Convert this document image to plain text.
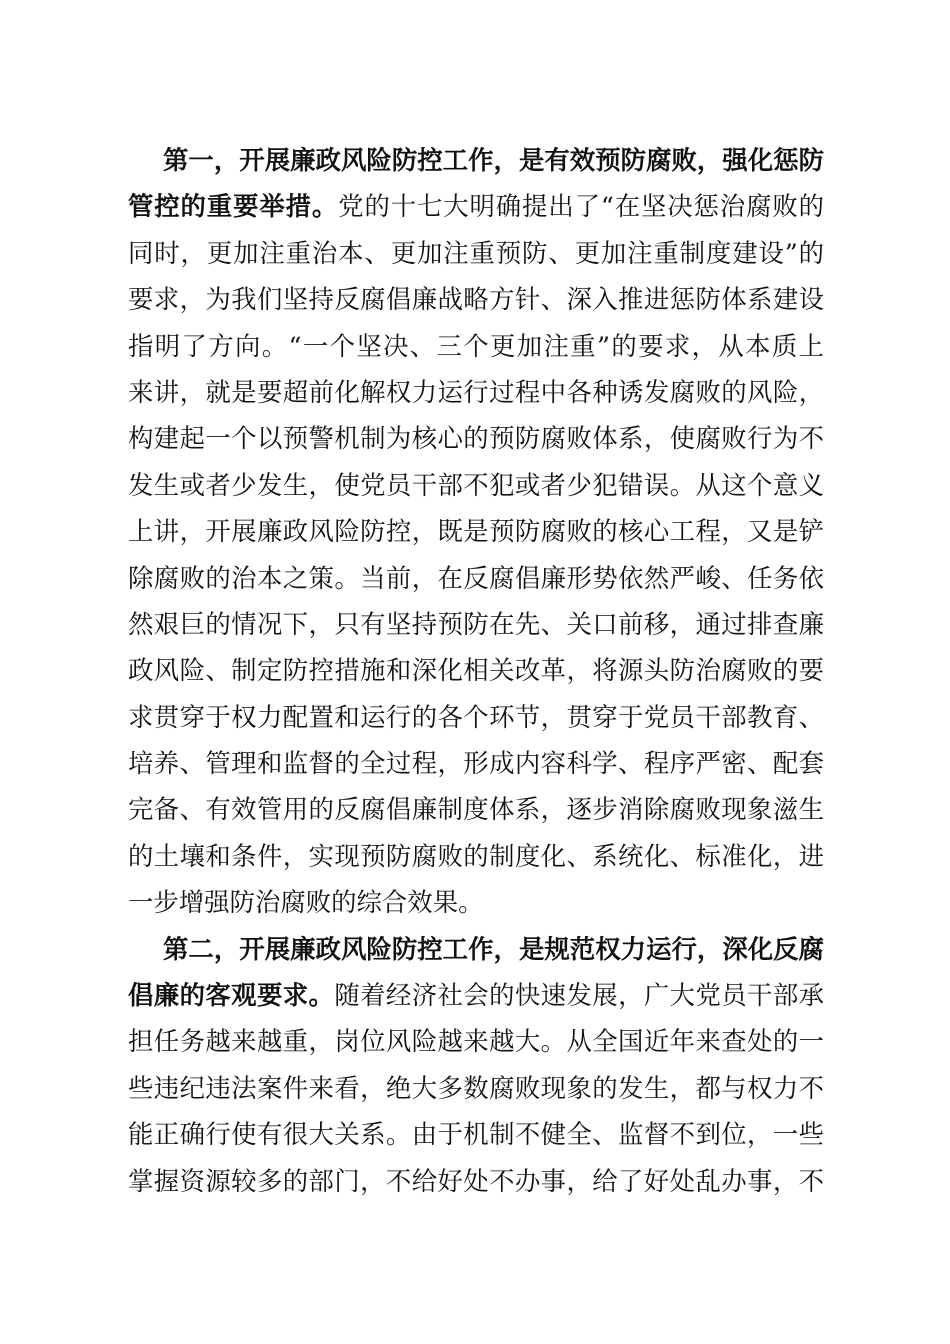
第一，开展廉政风险防控工作，是有效预防腐败，强化惩防
管控的重要举措。党的十七大明确提出了“在坚决惩治腐败的
同时，更加注重治本、更加注重预防、更加注重制度建设”的
要求，为我们坚持反腐倡廉战略方针、深入推进惩防体系建设
指明了方向。“一个坚决、三个更加注重”的要求，从本质上
来讲，就是要超前化解权力运行过程中各种诱发腐败的风险，
构建起一个以预警机制为核心的预防腐败体系，使腐败行为不
发生或者少发生，使党员干部不犯或者少犯错误。从这个意义
上讲，开展廉政风险防控，既是预防腐败的核心工程，又是铲
除腐败的治本之策。当前，在反腐倡廉形势依然严峻、任务依
然艰巨的情况下，只有坚持预防在先、关口前移，通过排查廉
政风险、制定防控措施和深化相关改革，将源头防治腐败的要
求贯穿于权力配置和运行的各个环节，贯穿于党员干部教育、
培养、管理和监督的全过程，形成内容科学、程序严密、配套
完备、有效管用的反腐倡廉制度体系，逐步消除腐败现象滋生
的土壤和条件，实现预防腐败的制度化、系统化、标准化，进
一步增强防治腐败的综合效果。
第二，开展廉政风险防控工作，是规范权力运行，深化反腐
倡廉的客观要求。随着经济社会的快速发展，广大党员干部承
担任务越来越重，岗位风险越来越大。从全国近年来查处的一
些违纪违法案件来看，绝大多数腐败现象的发生，都与权力不
能正确行使有很大关系。由于机制不健全、监督不到位，一些
掌握资源较多的部门，不给好处不办事，给了好处乱办事，不
